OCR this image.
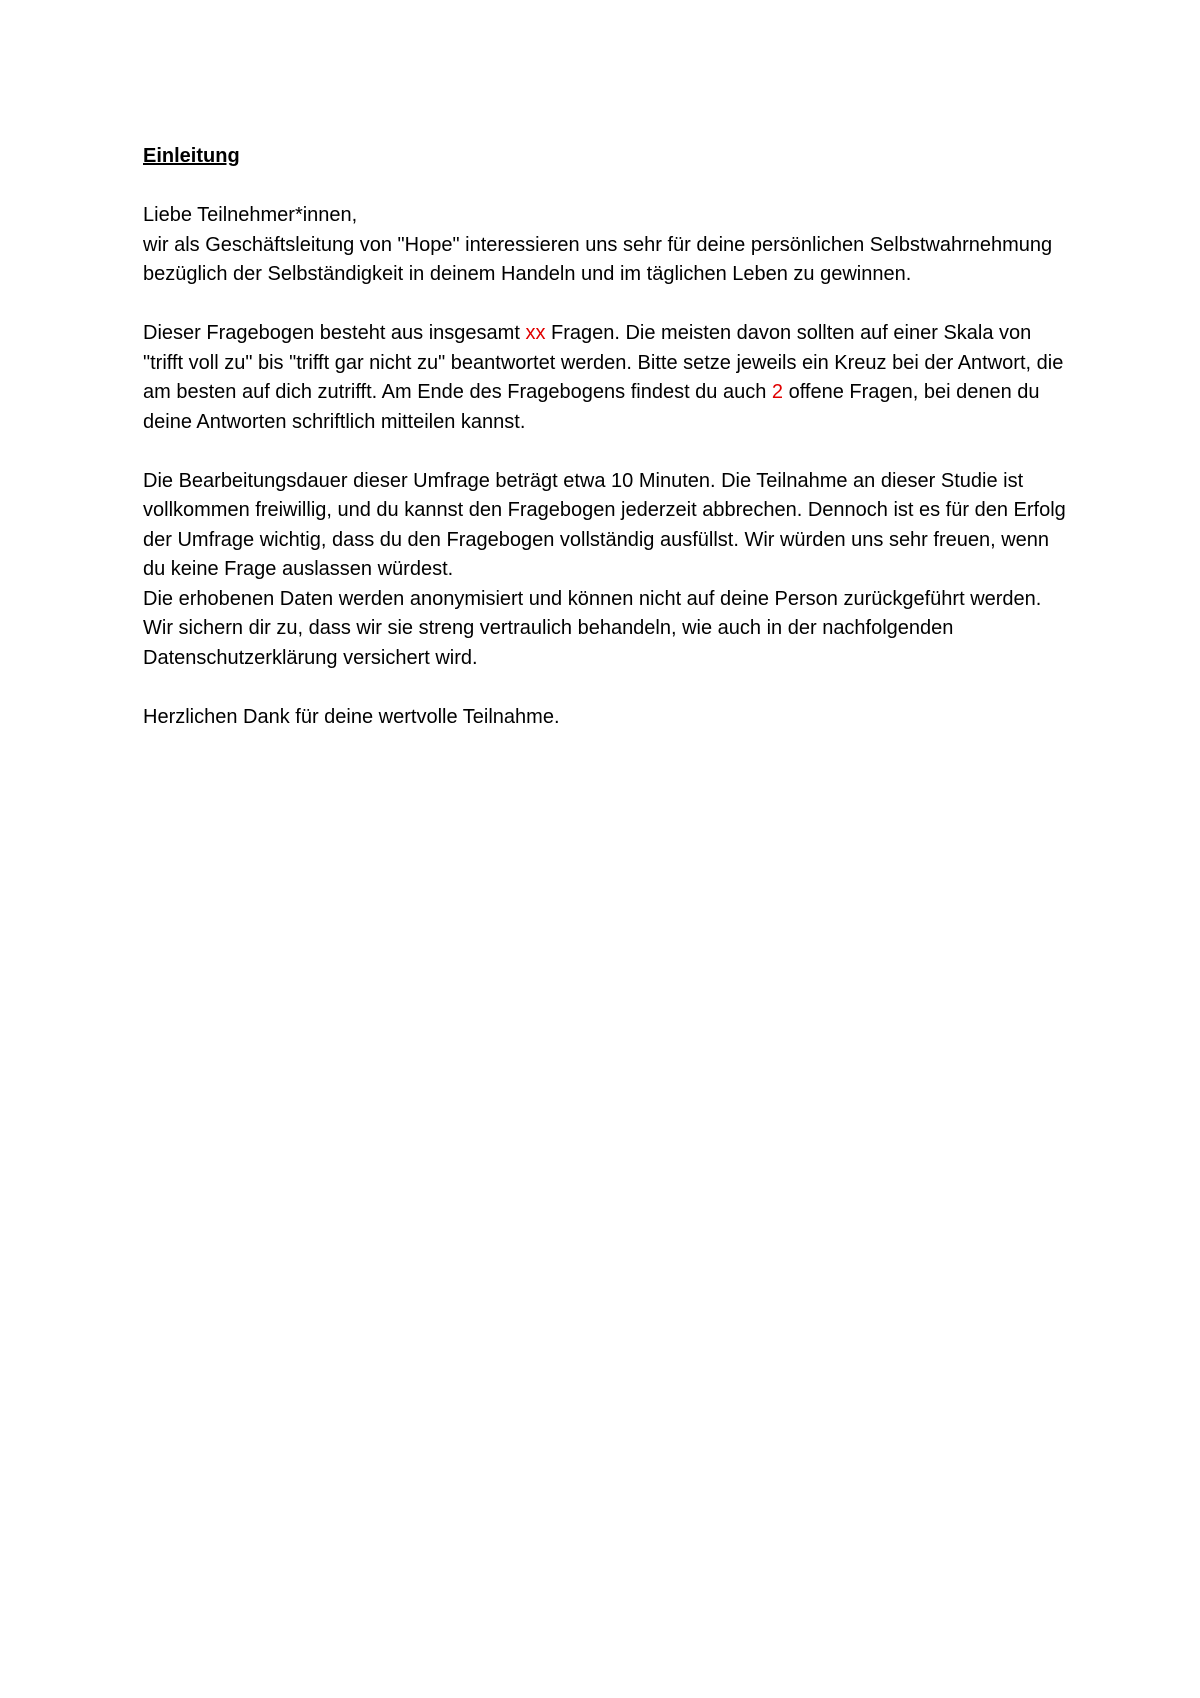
Einleitung

Liebe Teilnehmer*innen,

wir als Geschäftsleitung von "Hope" interessieren uns sehr für deine persönlichen Selbstwahrnehmung bezüglich der Selbständigkeit in deinem Handeln und im täglichen Leben zu gewinnen.

Dieser Fragebogen besteht aus insgesamt xx Fragen. Die meisten davon sollten auf einer Skala von "trifft voll zu" bis "trifft gar nicht zu" beantwortet werden. Bitte setze jeweils ein Kreuz bei der Antwort, die am besten auf dich zutrifft. Am Ende des Fragebogens findest du auch 2 offene Fragen, bei denen du deine Antworten schriftlich mitteilen kannst.

Die Bearbeitungsdauer dieser Umfrage beträgt etwa 10 Minuten. Die Teilnahme an dieser Studie ist vollkommen freiwillig, und du kannst den Fragebogen jederzeit abbrechen. Dennoch ist es für den Erfolg der Umfrage wichtig, dass du den Fragebogen vollständig ausfüllst. Wir würden uns sehr freuen, wenn du keine Frage auslassen würdest.

Die erhobenen Daten werden anonymisiert und können nicht auf deine Person zurückgeführt werden. Wir sichern dir zu, dass wir sie streng vertraulich behandeln, wie auch in der nachfolgenden Datenschutzerklärung versichert wird.

Herzlichen Dank für deine wertvolle Teilnahme.
